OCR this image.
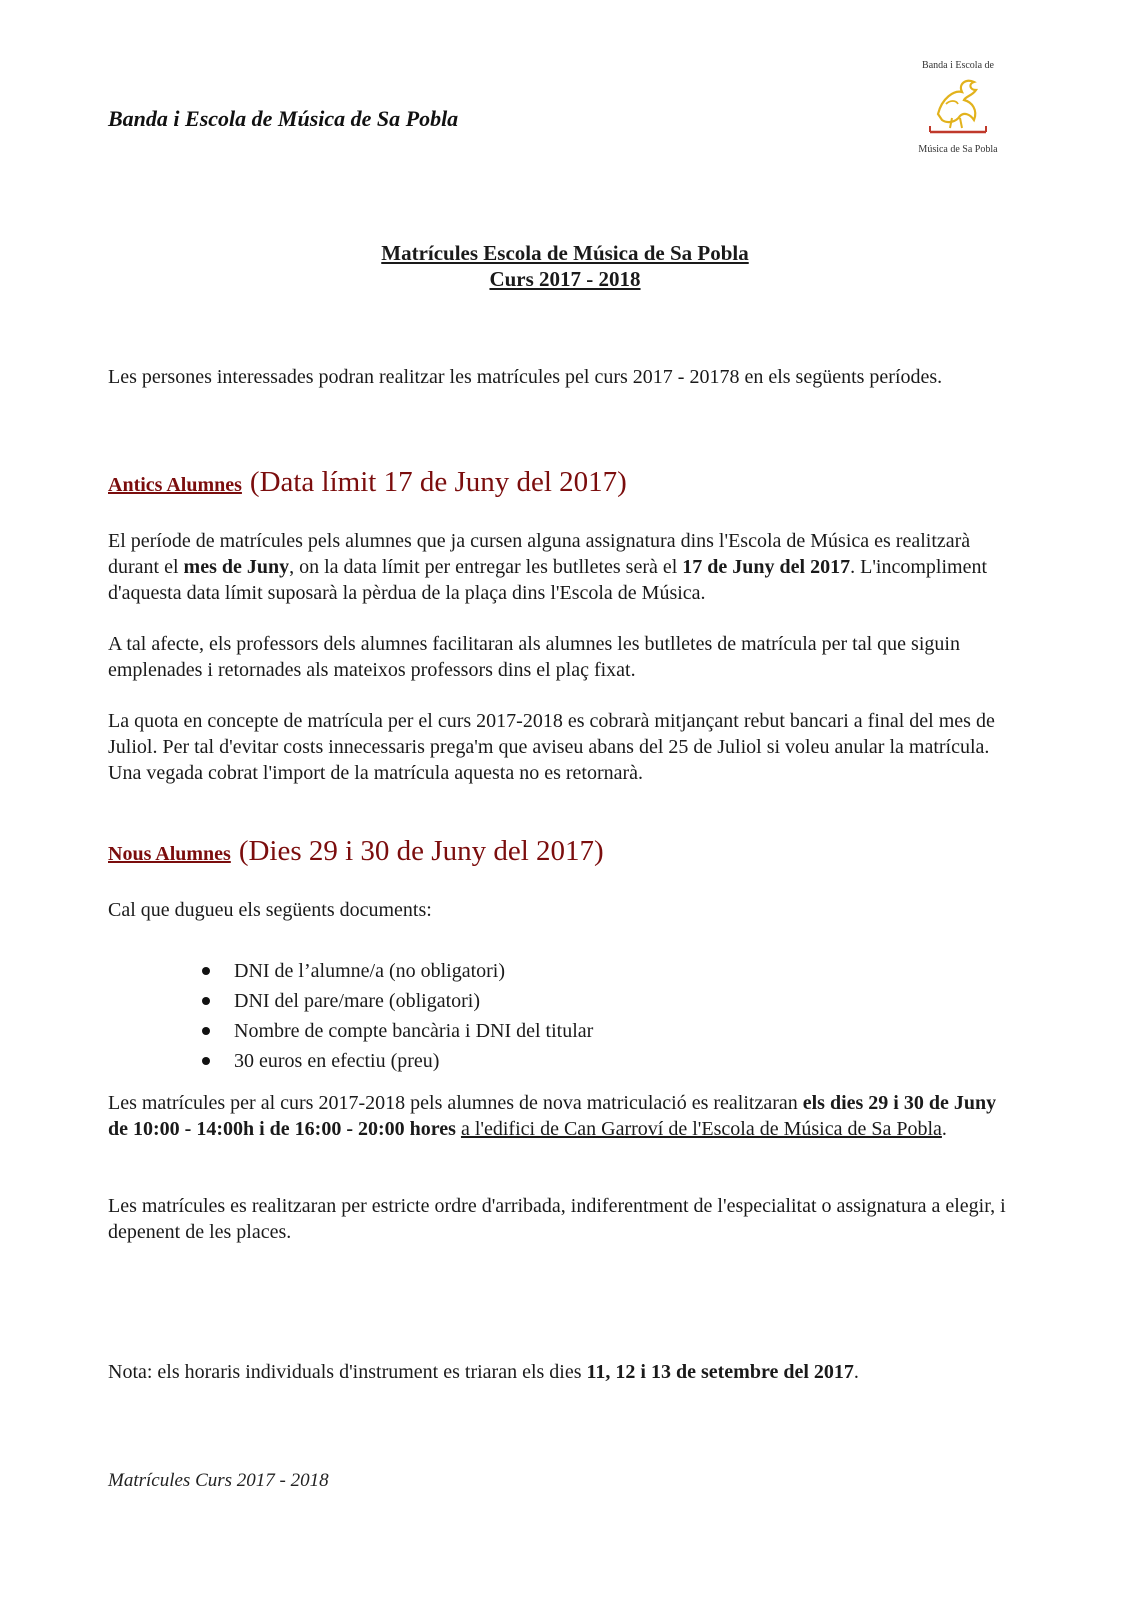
Banda i Escola de Música de Sa Pobla
Banda i Escola de
Música de Sa Pobla
Matrícules Escola de Música de Sa Pobla
Curs 2017 - 2018
Les persones interessades podran realitzar les matrícules pel curs 2017 - 20178 en els següents períodes.
Antics Alumnes (Data límit 17 de Juny del 2017)
El període de matrícules pels alumnes que ja cursen alguna assignatura dins l'Escola de Música es realitzarà durant el mes de Juny, on la data límit per entregar les butlletes serà el 17 de Juny del 2017. L'incompliment d'aquesta data límit suposarà la pèrdua de la plaça dins l'Escola de Música.
A tal afecte, els professors dels alumnes facilitaran als alumnes les butlletes de matrícula per tal que siguin emplenades i retornades als mateixos professors dins el plaç fixat.
La quota en concepte de matrícula per el curs 2017-2018 es cobrarà mitjançant rebut bancari a final del mes de Juliol. Per tal d'evitar costs innecessaris prega'm que aviseu abans del 25 de Juliol si voleu anular la matrícula. Una vegada cobrat l'import de la matrícula aquesta no es retornarà.
Nous Alumnes (Dies 29 i 30 de Juny del 2017)
Cal que dugueu els següents documents:
DNI de l’alumne/a (no obligatori)
DNI del pare/mare (obligatori)
Nombre de compte bancària i DNI del titular
30 euros en efectiu (preu)
Les matrícules per al curs 2017-2018 pels alumnes de nova matriculació es realitzaran els dies 29 i 30 de Juny de 10:00 - 14:00h i de 16:00 - 20:00 hores a l'edifici de Can Garroví de l'Escola de Música de Sa Pobla.
Les matrícules es realitzaran per estricte ordre d'arribada, indiferentment de l'especialitat o assignatura a elegir, i depenent de les places.
Nota: els horaris individuals d'instrument es triaran els dies 11, 12 i 13 de setembre del 2017.
Matrícules Curs 2017 - 2018
